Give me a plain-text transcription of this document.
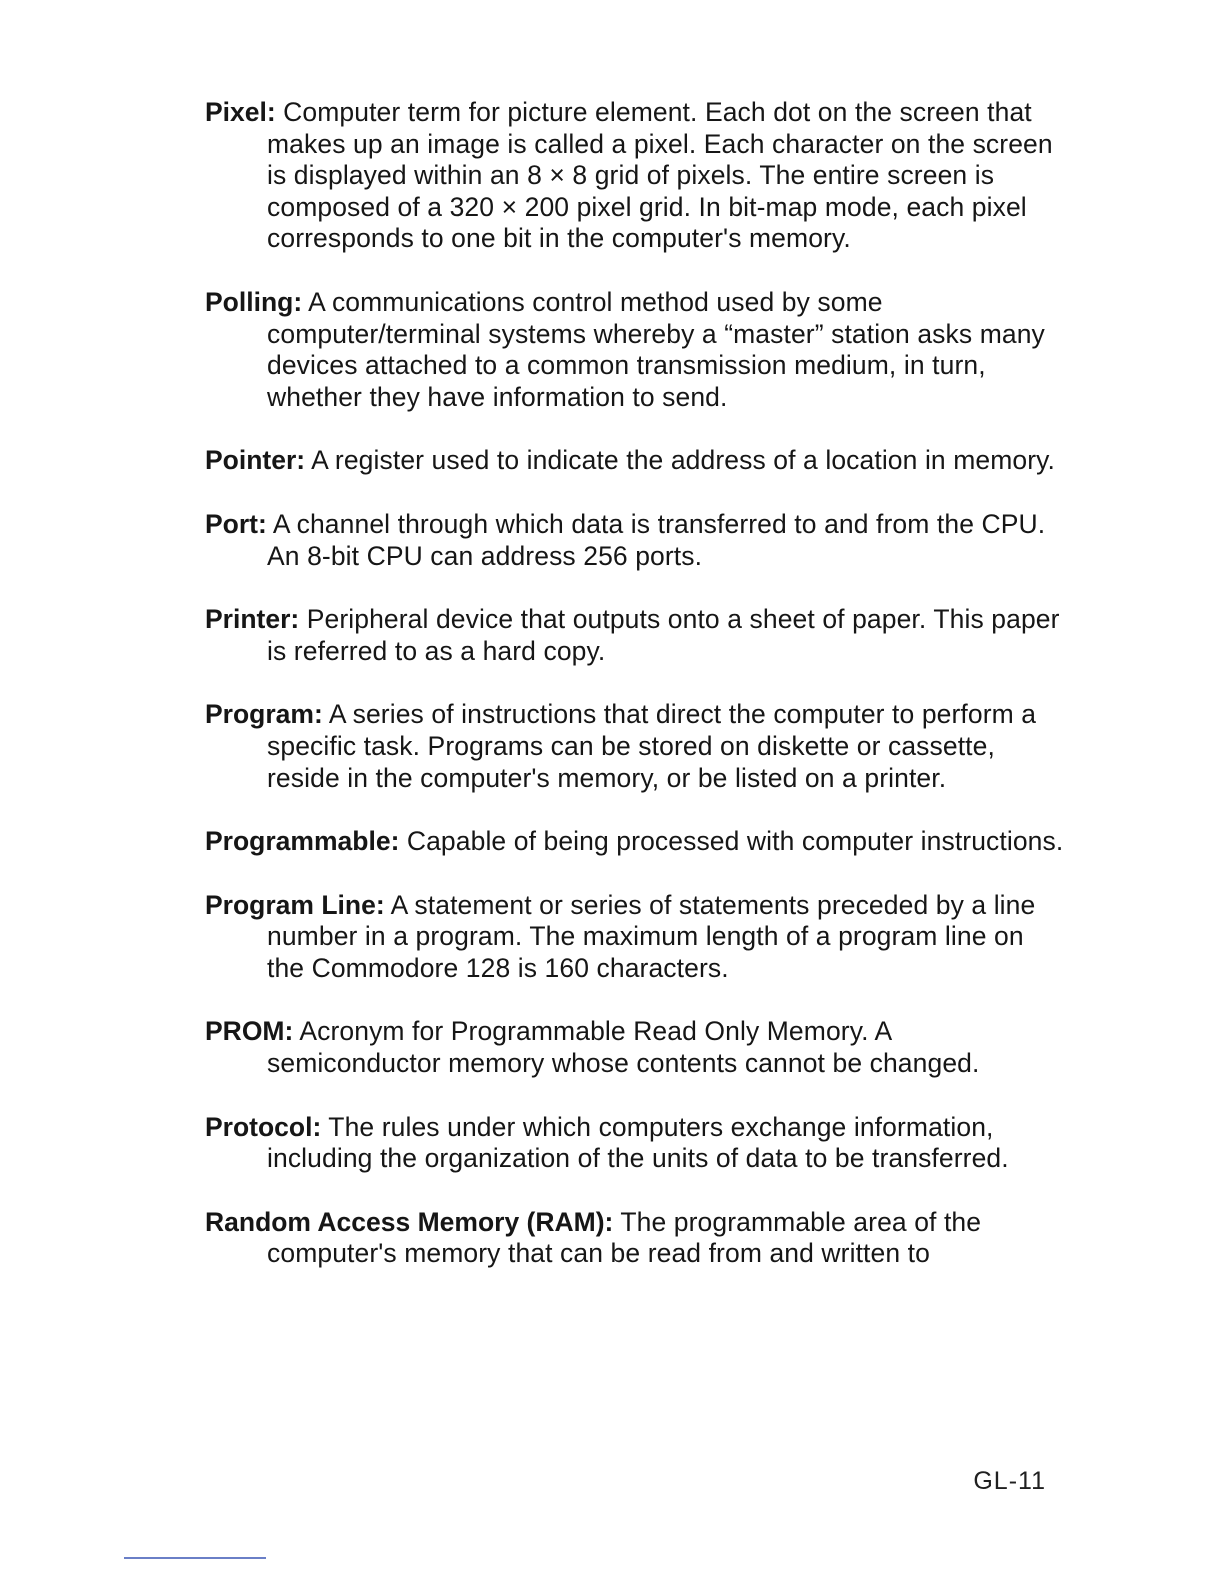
Pixel: Computer term for picture element. Each dot on the screen that makes up an image is called a pixel. Each character on the screen is displayed within an 8 × 8 grid of pixels. The entire screen is composed of a 320 × 200 pixel grid. In bit-map mode, each pixel corresponds to one bit in the computer's memory.

Polling: A communications control method used by some computer/terminal systems whereby a “master” station asks many devices attached to a common transmission medium, in turn, whether they have information to send.

Pointer: A register used to indicate the address of a location in memory.

Port: A channel through which data is transferred to and from the CPU. An 8-bit CPU can address 256 ports.

Printer: Peripheral device that outputs onto a sheet of paper. This paper is referred to as a hard copy.

Program: A series of instructions that direct the computer to perform a specific task. Programs can be stored on diskette or cassette, reside in the computer's memory, or be listed on a printer.

Programmable: Capable of being processed with computer instructions.

Program Line: A statement or series of statements preceded by a line number in a program. The maximum length of a program line on the Commodore 128 is 160 characters.

PROM: Acronym for Programmable Read Only Memory. A semiconductor memory whose contents cannot be changed.

Protocol: The rules under which computers exchange information, including the organization of the units of data to be transferred.

Random Access Memory (RAM): The programmable area of the computer's memory that can be read from and written to

GL-11
